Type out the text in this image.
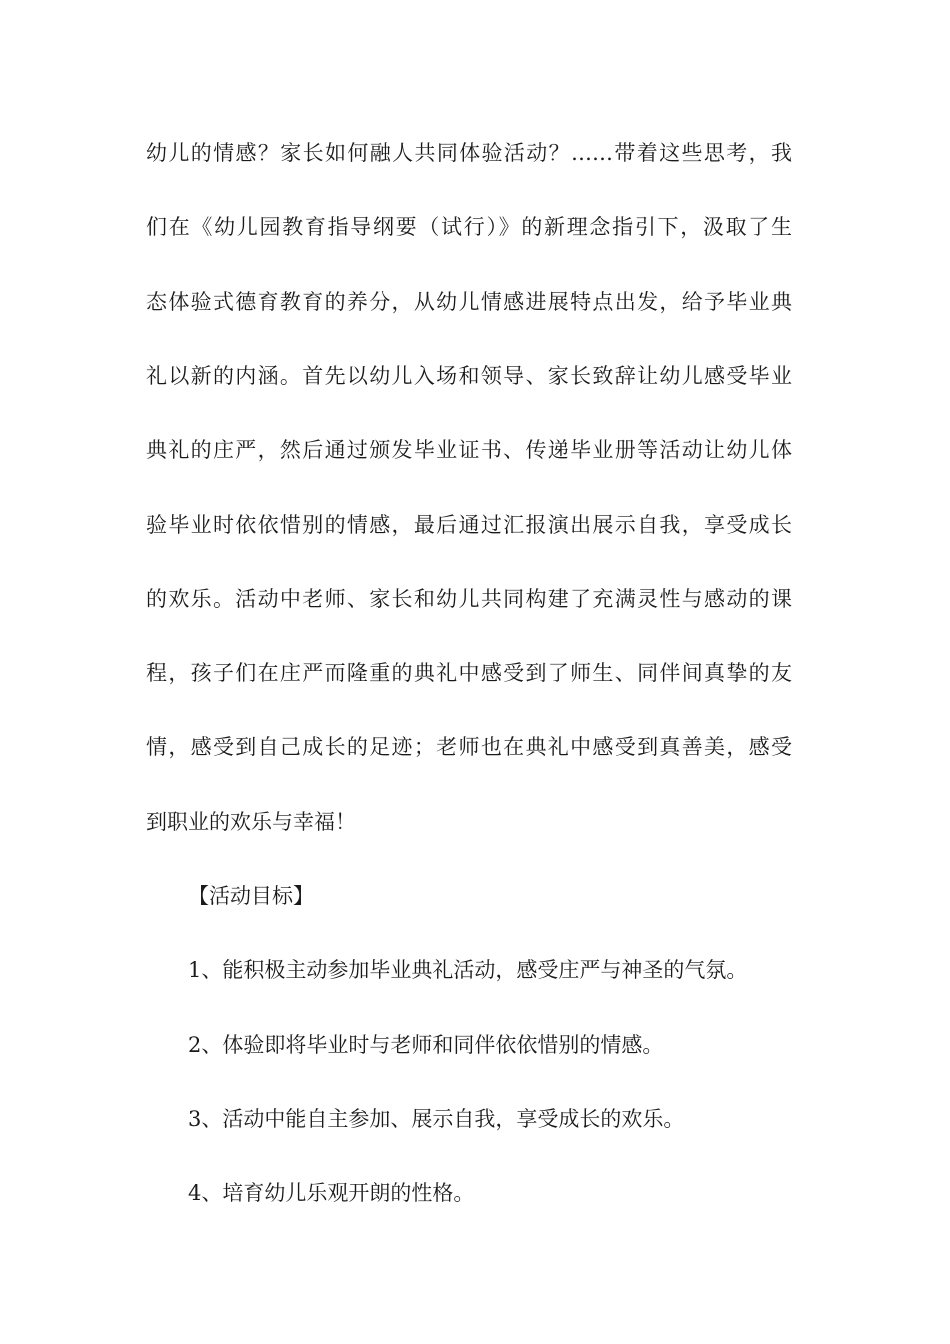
幼儿的情感？家长如何融人共同体验活动？……带着这些思考，我
们在《幼儿园教育指导纲要（试行）》的新理念指引下，汲取了生
态体验式德育教育的养分，从幼儿情感进展特点出发，给予毕业典
礼以新的内涵。首先以幼儿入场和领导、家长致辞让幼儿感受毕业
典礼的庄严，然后通过颁发毕业证书、传递毕业册等活动让幼儿体
验毕业时依依惜别的情感，最后通过汇报演出展示自我，享受成长
的欢乐。活动中老师、家长和幼儿共同构建了充满灵性与感动的课
程，孩子们在庄严而隆重的典礼中感受到了师生、同伴间真挚的友
情，感受到自己成长的足迹；老师也在典礼中感受到真善美，感受
到职业的欢乐与幸福！
【活动目标】
1、能积极主动参加毕业典礼活动，感受庄严与神圣的气氛。
2、体验即将毕业时与老师和同伴依依惜别的情感。
3、活动中能自主参加、展示自我，享受成长的欢乐。
4、培育幼儿乐观开朗的性格。
